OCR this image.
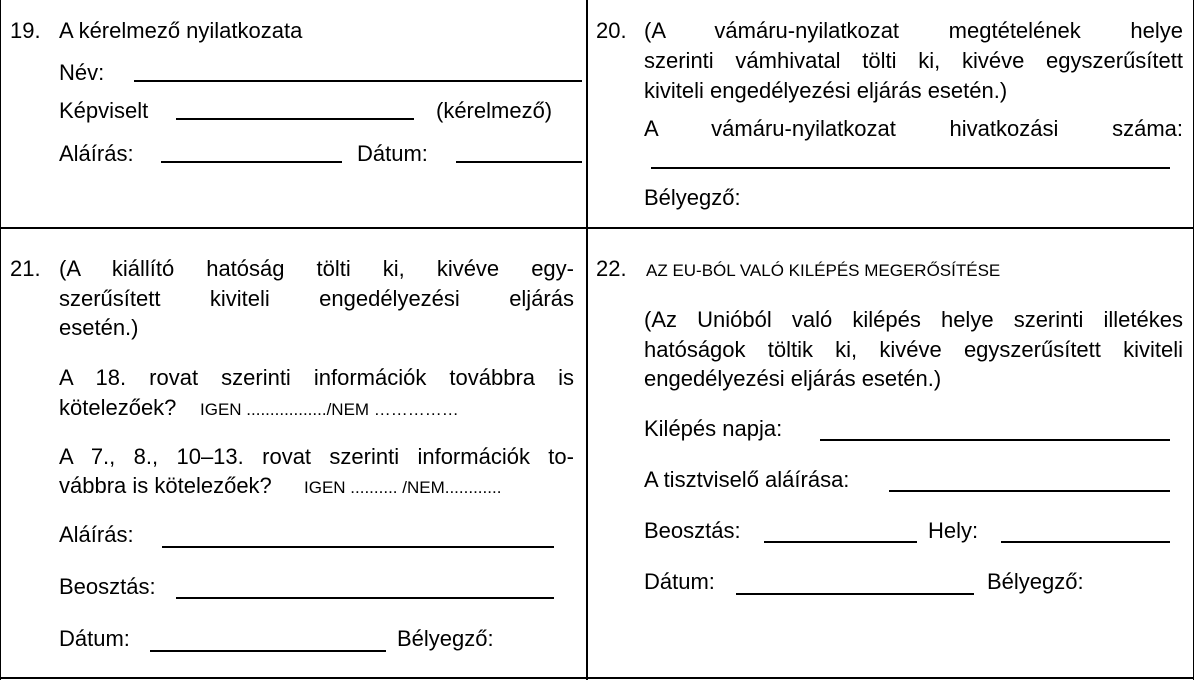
19. A kérelmező nyilatkozata
Név:
Képviselt	(kérelmező)
Aláírás:	Dátum:
20. (A vámáru-nyilatkozat megtételének helye
szerinti vámhivatal tölti ki, kivéve egyszerűsített
kiviteli engedélyezési eljárás esetén.)
A vámáru-nyilatkozat hivatkozási száma:
Bélyegző:
21. (A kiállító hatóság tölti ki, kivéve egy-
szerűsített kiviteli engedélyezési eljárás
esetén.)
A 18. rovat szerinti információk továbbra is
kötelezőek? IGEN ................./NEM ……………
A 7., 8., 10–13. rovat szerinti információk to-
vábbra is kötelezőek? IGEN .......... /NEM............
Aláírás:
Beosztás:
Dátum:	Bélyegző:
22. AZ EU-BÓL VALÓ KILÉPÉS MEGERŐSÍTÉSE
(Az Unióból való kilépés helye szerinti illetékes
hatóságok töltik ki, kivéve egyszerűsített kiviteli
engedélyezési eljárás esetén.)
Kilépés napja:
A tisztviselő aláírása:
Beosztás:	Hely:
Dátum:	Bélyegző:
